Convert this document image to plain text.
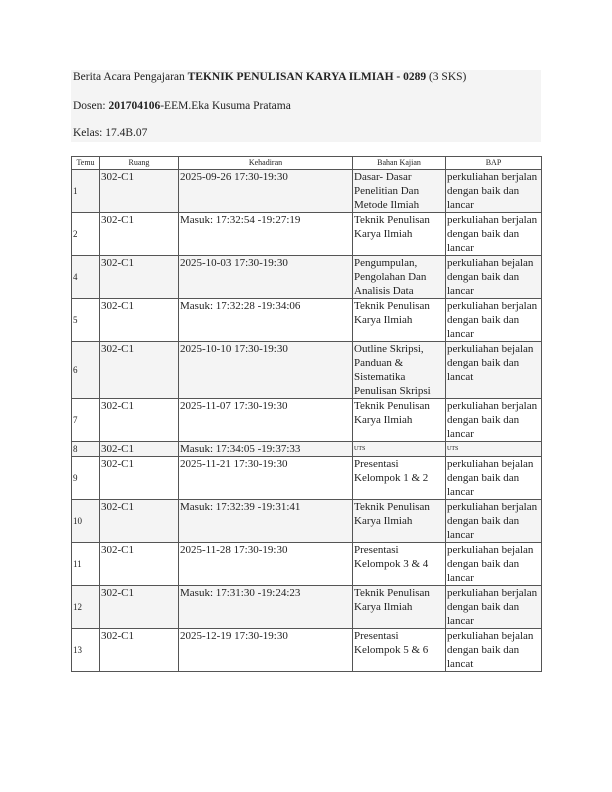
Berita Acara Pengajaran TEKNIK PENULISAN KARYA ILMIAH - 0289 (3 SKS)
Dosen: 201704106-EEM.Eka Kusuma Pratama
Kelas: 17.4B.07
Temu	Ruang	Kehadiran	Bahan Kajian	BAP
1	302-C1	2025-09-26 17:30-19:30	Dasar- Dasar Penelitian Dan Metode Ilmiah	perkuliahan berjalan dengan baik dan lancar
2	302-C1	Masuk: 17:32:54 -19:27:19	Teknik Penulisan Karya Ilmiah	perkuliahan berjalan dengan baik dan lancar
4	302-C1	2025-10-03 17:30-19:30	Pengumpulan, Pengolahan Dan Analisis Data	perkuliahan bejalan dengan baik dan lancar
5	302-C1	Masuk: 17:32:28 -19:34:06	Teknik Penulisan Karya Ilmiah	perkuliahan berjalan dengan baik dan lancar
6	302-C1	2025-10-10 17:30-19:30	Outline Skripsi, Panduan & Sistematika Penulisan Skripsi	perkuliahan bejalan dengan baik dan lancat
7	302-C1	2025-11-07 17:30-19:30	Teknik Penulisan Karya Ilmiah	perkuliahan berjalan dengan baik dan lancar
8	302-C1	Masuk: 17:34:05 -19:37:33	UTS	UTS
9	302-C1	2025-11-21 17:30-19:30	Presentasi Kelompok 1 & 2	perkuliahan bejalan dengan baik dan lancar
10	302-C1	Masuk: 17:32:39 -19:31:41	Teknik Penulisan Karya Ilmiah	perkuliahan berjalan dengan baik dan lancar
11	302-C1	2025-11-28 17:30-19:30	Presentasi Kelompok 3 & 4	perkuliahan bejalan dengan baik dan lancar
12	302-C1	Masuk: 17:31:30 -19:24:23	Teknik Penulisan Karya Ilmiah	perkuliahan berjalan dengan baik dan lancar
13	302-C1	2025-12-19 17:30-19:30	Presentasi Kelompok 5 & 6	perkuliahan bejalan dengan baik dan lancat
